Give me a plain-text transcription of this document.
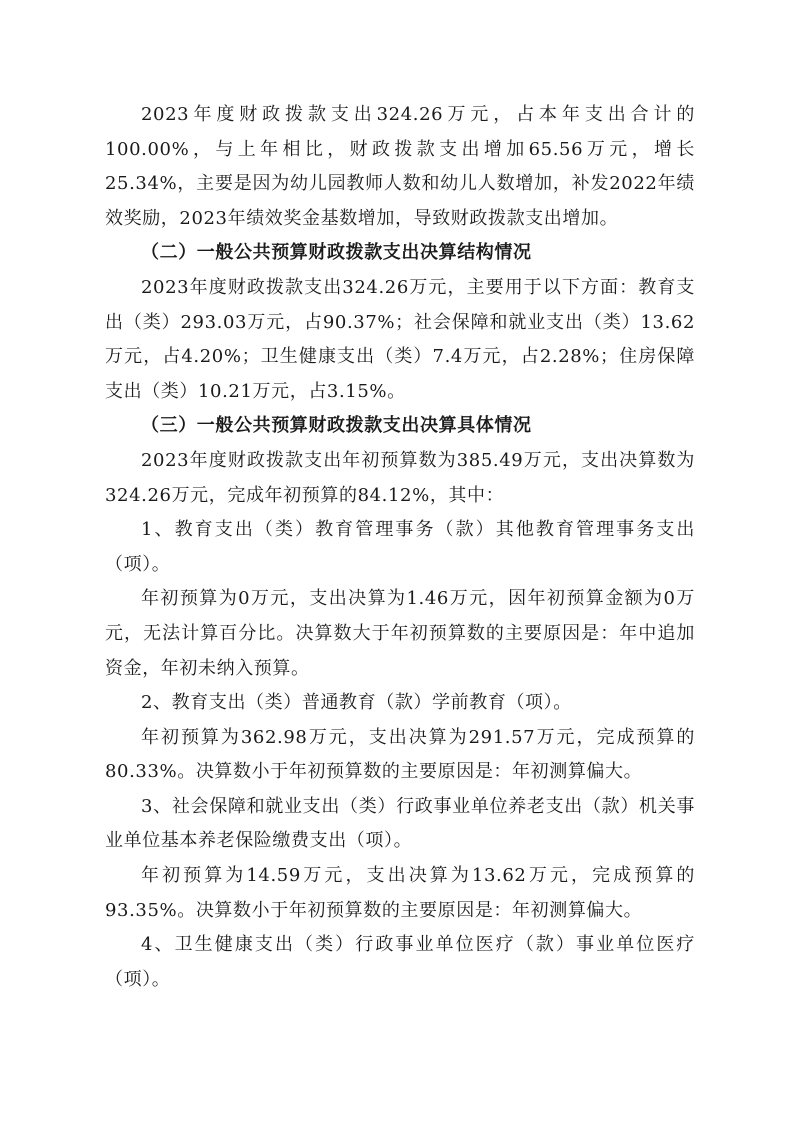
2023年度财政拨款支出324.26万元，占本年支出合计的100.00%，与上年相比，财政拨款支出增加65.56万元，增长25.34%，主要是因为幼儿园教师人数和幼儿人数增加，补发2022年绩效奖励，2023年绩效奖金基数增加，导致财政拨款支出增加。

（二）一般公共预算财政拨款支出决算结构情况

2023年度财政拨款支出324.26万元，主要用于以下方面：教育支出（类）293.03万元，占90.37%；社会保障和就业支出（类）13.62万元，占4.20%；卫生健康支出（类）7.4万元，占2.28%；住房保障支出（类）10.21万元，占3.15%。

（三）一般公共预算财政拨款支出决算具体情况

2023年度财政拨款支出年初预算数为385.49万元，支出决算数为324.26万元，完成年初预算的84.12%，其中：

1、教育支出（类）教育管理事务（款）其他教育管理事务支出（项）。

年初预算为0万元，支出决算为1.46万元，因年初预算金额为0万元，无法计算百分比。决算数大于年初预算数的主要原因是：年中追加资金，年初未纳入预算。

2、教育支出（类）普通教育（款）学前教育（项）。

年初预算为362.98万元，支出决算为291.57万元，完成预算的80.33%。决算数小于年初预算数的主要原因是：年初测算偏大。

3、社会保障和就业支出（类）行政事业单位养老支出（款）机关事业单位基本养老保险缴费支出（项）。

年初预算为14.59万元，支出决算为13.62万元，完成预算的93.35%。决算数小于年初预算数的主要原因是：年初测算偏大。

4、卫生健康支出（类）行政事业单位医疗（款）事业单位医疗（项）。
